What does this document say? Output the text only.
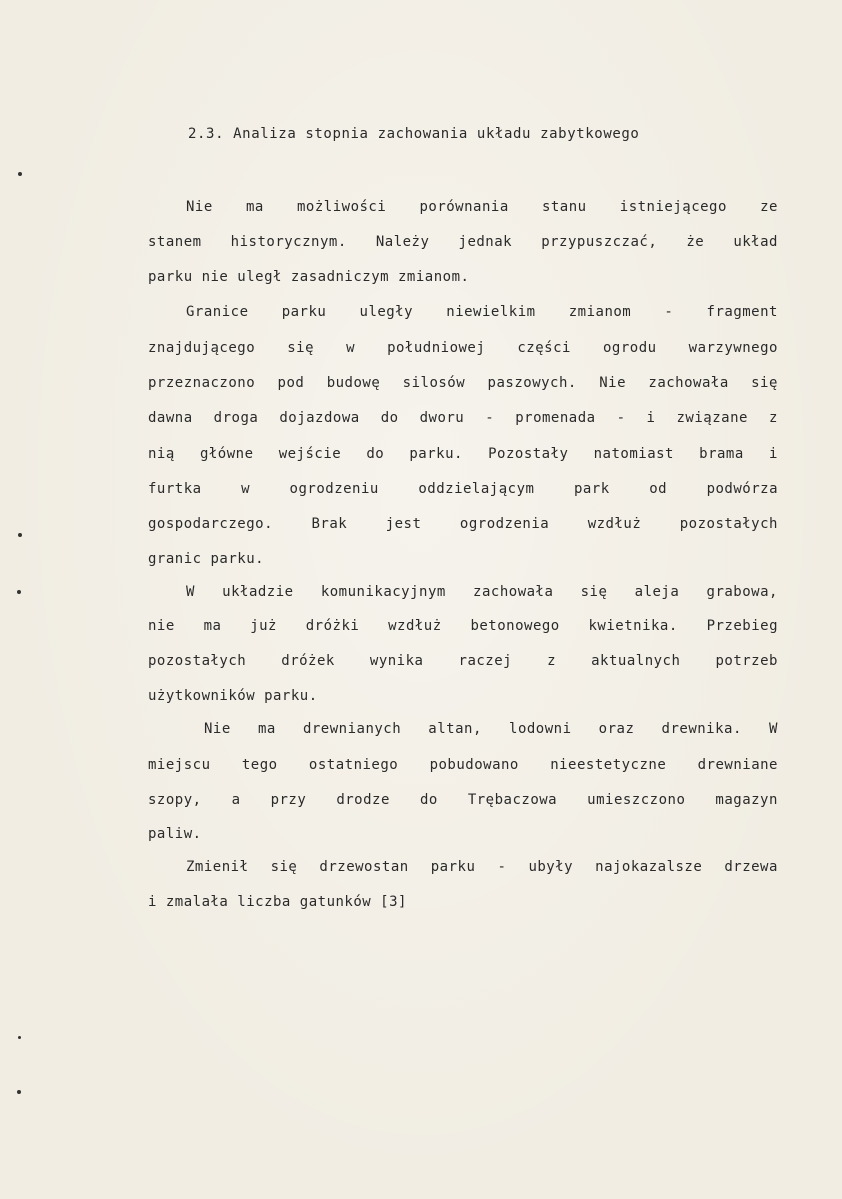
2.3. Analiza stopnia zachowania układu zabytkowego
Nie ma możliwości porównania stanu istniejącego ze
stanem historycznym. Należy jednak przypuszczać, że układ
parku nie uległ zasadniczym zmianom.
Granice parku uległy niewielkim zmianom - fragment
znajdującego się w południowej części ogrodu warzywnego
przeznaczono pod budowę silosów paszowych. Nie zachowała się
dawna droga dojazdowa do dworu - promenada - i związane z
nią główne wejście do parku. Pozostały natomiast brama i
furtka	w	ogrodzeniu	oddzielającym	park	od	podwórza
gospodarczego.	Brak	jest	ogrodzenia	wzdłuż	pozostałych
granic parku.
W układzie komunikacyjnym zachowała się aleja grabowa,
nie ma już dróżki wzdłuż betonowego kwietnika. Przebieg
pozostałych	dróżek	wynika	raczej	z	aktualnych	potrzeb
użytkowników parku.
Nie ma drewnianych altan, lodowni oraz drewnika. W
miejscu tego ostatniego pobudowano nieestetyczne drewniane
szopy, a przy drodze do Trębaczowa umieszczono magazyn
paliw.
Zmienił się drzewostan parku - ubyły najokazalsze drzewa
i zmalała liczba gatunków [3]
